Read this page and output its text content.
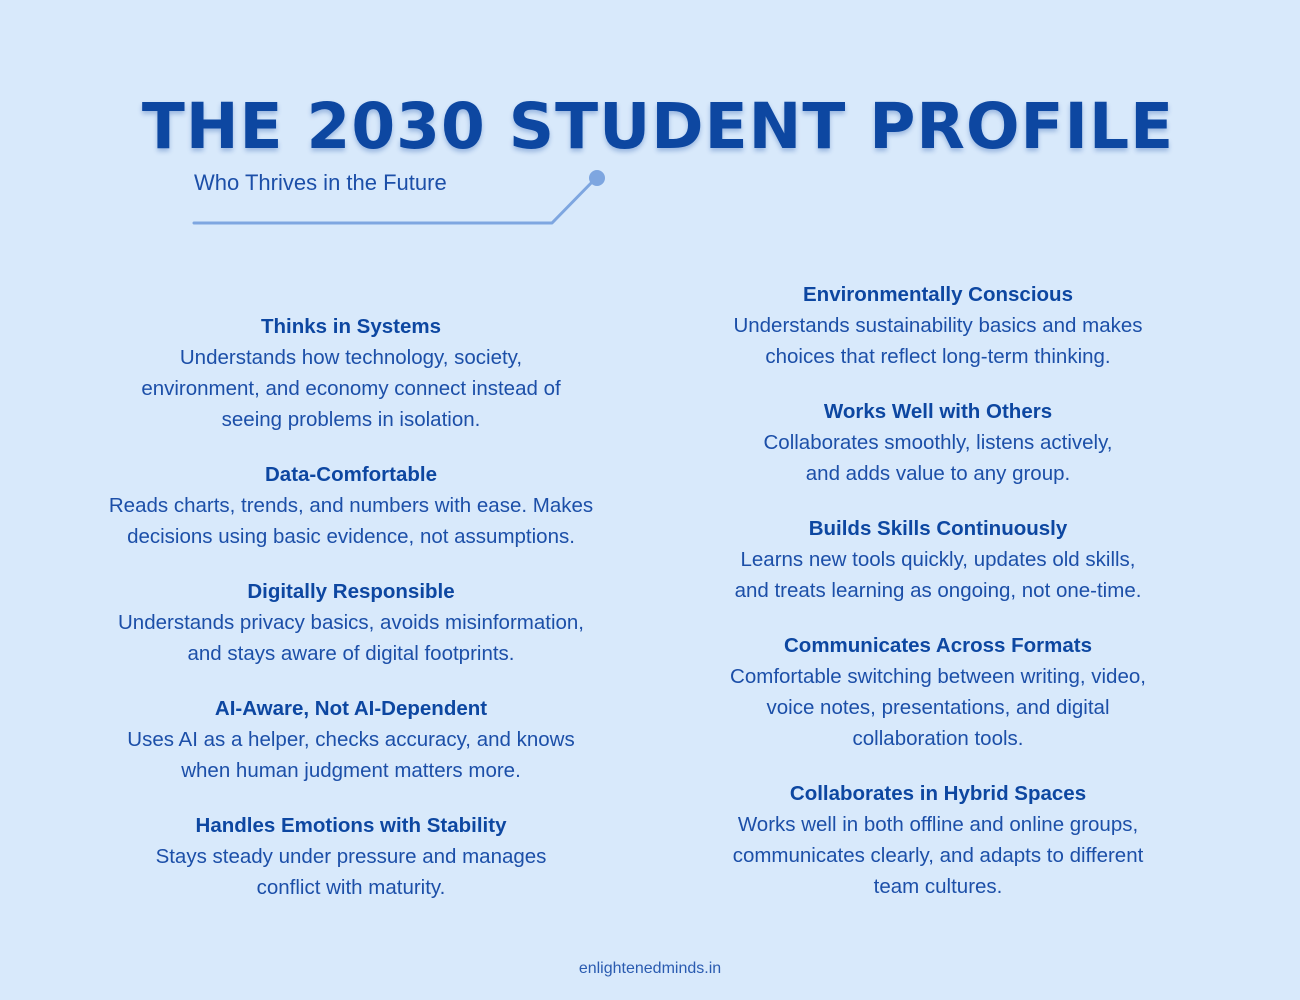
THE 2030 STUDENT PROFILE

Who Thrives in the Future

Thinks in Systems
Understands how technology, society,
environment, and economy connect instead of
seeing problems in isolation.
Data-Comfortable
Reads charts, trends, and numbers with ease. Makes
decisions using basic evidence, not assumptions.
Digitally Responsible
Understands privacy basics, avoids misinformation,
and stays aware of digital footprints.
AI-Aware, Not AI-Dependent
Uses AI as a helper, checks accuracy, and knows
when human judgment matters more.
Handles Emotions with Stability
Stays steady under pressure and manages
conflict with maturity.
Environmentally Conscious
Understands sustainability basics and makes
choices that reflect long-term thinking.
Works Well with Others
Collaborates smoothly, listens actively,
and adds value to any group.
Builds Skills Continuously
Learns new tools quickly, updates old skills,
and treats learning as ongoing, not one-time.
Communicates Across Formats
Comfortable switching between writing, video,
voice notes, presentations, and digital
collaboration tools.
Collaborates in Hybrid Spaces
Works well in both offline and online groups,
communicates clearly, and adapts to different
team cultures.
enlightenedminds.in
